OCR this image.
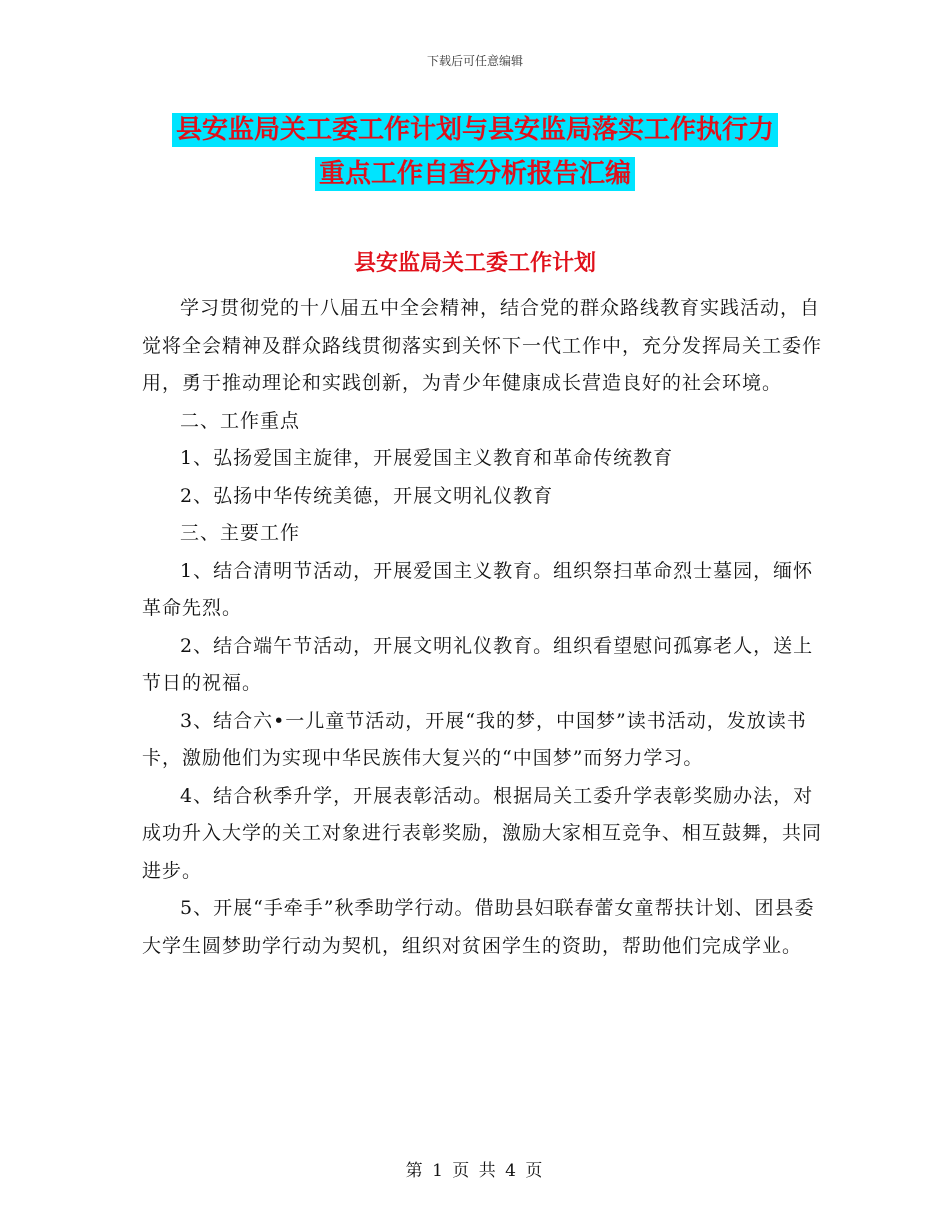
下载后可任意编辑
县安监局关工委工作计划与县安监局落实工作执行力
重点工作自查分析报告汇编
县安监局关工委工作计划

学习贯彻党的十八届五中全会精神，结合党的群众路线教育实践活动，自觉将全会精神及群众路线贯彻落实到关怀下一代工作中，充分发挥局关工委作用，勇于推动理论和实践创新，为青少年健康成长营造良好的社会环境。

二、工作重点

1、弘扬爱国主旋律，开展爱国主义教育和革命传统教育

2、弘扬中华传统美德，开展文明礼仪教育

三、主要工作

1、结合清明节活动，开展爱国主义教育。组织祭扫革命烈士墓园，缅怀革命先烈。

2、结合端午节活动，开展文明礼仪教育。组织看望慰问孤寡老人，送上节日的祝福。

3、结合六•一儿童节活动，开展“我的梦，中国梦”读书活动，发放读书卡，激励他们为实现中华民族伟大复兴的“中国梦”而努力学习。

4、结合秋季升学，开展表彰活动。根据局关工委升学表彰奖励办法，对成功升入大学的关工对象进行表彰奖励，激励大家相互竞争、相互鼓舞，共同进步。

5、开展“手牵手”秋季助学行动。借助县妇联春蕾女童帮扶计划、团县委大学生圆梦助学行动为契机，组织对贫困学生的资助，帮助他们完成学业。

第 1 页 共 4 页
